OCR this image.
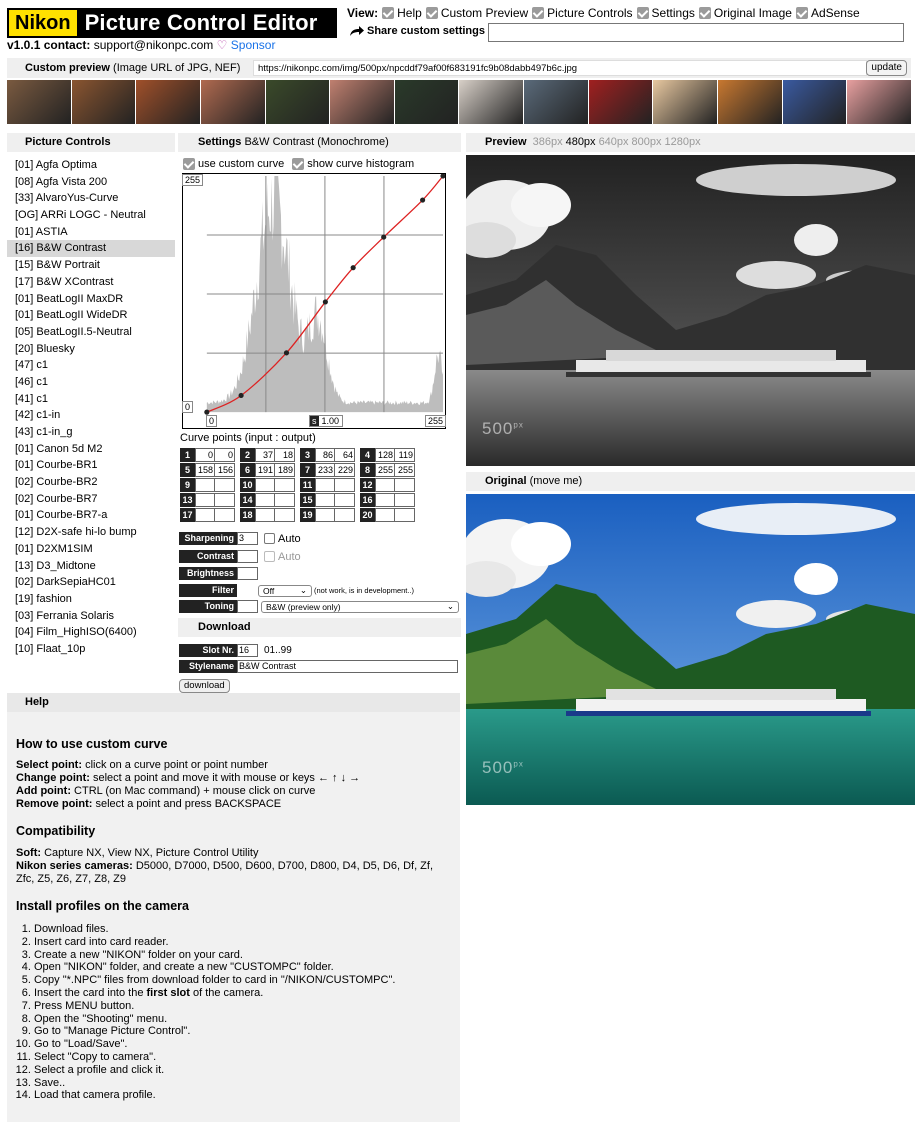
Nikon Picture Control Editor
v1.0.1 contact: support@nikonpc.com ♡ Sponsor
View: Help Custom Preview Picture Controls Settings Original Image AdSense
Share custom settings
Custom preview (Image URL of JPG, NEF)	https://nikonpc.com/img/500px/npcddf79af00f683191fc9b08dabb497b6c.jpg	update
Picture Controls
[01] Agfa Optima
[08] Agfa Vista 200
[33] AlvaroYus-Curve
[OG] ARRi LOGC - Neutral
[01] ASTIA
[16] B&W Contrast
[15] B&W Portrait
[17] B&W XContrast
[01] BeatLogII MaxDR
[01] BeatLogII WideDR
[05] BeatLogII.5-Neutral
[20] Bluesky
[47] c1
[46] c1
[41] c1
[42] c1-in
[43] c1-in_g
[01] Canon 5d M2
[01] Courbe-BR1
[02] Courbe-BR2
[02] Courbe-BR7
[01] Courbe-BR7-a
[12] D2X-safe hi-lo bump
[01] D2XM1SIM
[13] D3_Midtone
[02] DarkSepiaHC01
[19] fashion
[03] Ferrania Solaris
[04] Film_HighISO(6400)
[10] Flaat_10p
Settings B&W Contrast (Monochrome)
use custom curve show curve histogram
255
0
0	s 1.00	255
Curve points (input : output)
1	0	0	2	37	18	3	86	64	4 128 119
5 158 156	6 191 189	7 233 229	8 255 255
9	10	11	12
13	14	15	16
17	18	19	20
Sharpening 3	Auto
Contrast	Auto
Brightness
Filter	Off	⌄ (not work, is in development..)
Toning	B&W (preview only)	⌄
Download
Slot Nr. 16	01..99
Stylename B&W Contrast
download
Preview 386px 480px 640px 800px 1280px
$500^{px}$
Original (move me)
$500^{px}$
Help
How to use custom curve

Select point: click on a curve point or point number

Change point: select a point and move it with mouse or keys ← ↑ ↓ →

Add point: CTRL (on Mac command) + mouse click on curve

Remove point: select a point and press BACKSPACE

Compatibility

Soft: Capture NX, View NX, Picture Control Utility

Nikon series cameras: D5000, D7000, D500, D600, D700, D800, D4, D5, D6, Df, Zf, Zfc, Z5, Z6, Z7, Z8, Z9

Install profiles on the camera
1. Download files.
2. Insert card into card reader.
3. Create a new "NIKON" folder on your card.
4. Open "NIKON" folder, and create a new "CUSTOMPC" folder.
5. Copy "*.NPC" files from download folder to card in "/NIKON/CUSTOMPC".
6. Insert the card into the first slot of the camera.
7. Press MENU button.
8. Open the "Shooting" menu.
9. Go to "Manage Picture Control".
10. Go to "Load/Save".
11. Select "Copy to camera".
12. Select a profile and click it.
13. Save..
14. Load that camera profile.
